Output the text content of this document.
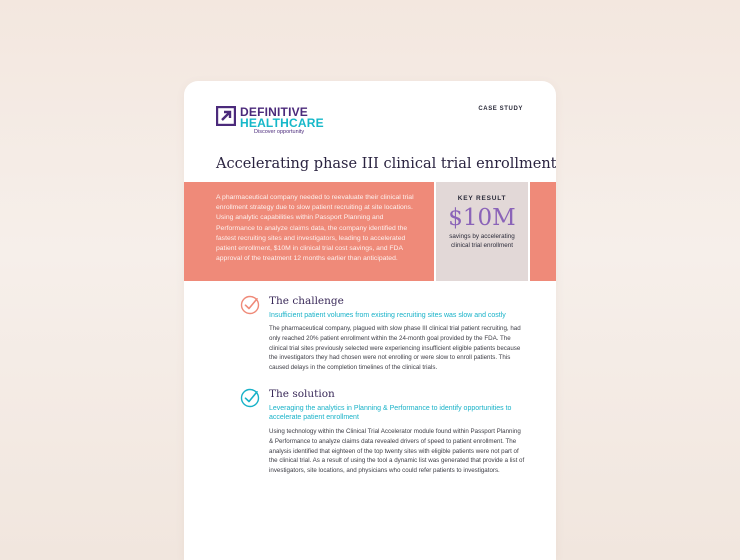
DEFINITIVE
HEALTHCARE
Discover opportunity
CASE STUDY
Accelerating phase III clinical trial enrollment
A pharmaceutical company needed to reevaluate their clinical trial enrollment strategy due to slow patient recruiting at site locations. Using analytic capabilities within Passport Planning and Performance to analyze claims data, the company identified the fastest recruiting sites and investigators, leading to accelerated patient enrollment, $10M in clinical trial cost savings, and FDA approval of the treatment 12 months earlier than anticipated.
KEY RESULT
$10M
savings by accelerating clinical trial enrollment
The challenge
Insufficient patient volumes from existing recruiting sites was slow and costly
The pharmaceutical company, plagued with slow phase III clinical trial patient recruiting, had only reached 20% patient enrollment within the 24-month goal provided by the FDA. The clinical trial sites previously selected were experiencing insufficient eligible patients because the investigators they had chosen were not enrolling or were slow to enroll patients. This caused delays in the completion timelines of the clinical trials.
The solution
Leveraging the analytics in Planning & Performance to identify opportunities to accelerate patient enrollment
Using technology within the Clinical Trial Accelerator module found within Passport Planning & Performance to analyze claims data revealed drivers of speed to patient enrollment. The analysis identified that eighteen of the top twenty sites with eligible patients were not part of the clinical trial. As a result of using the tool a dynamic list was generated that provide a list of investigators, site locations, and physicians who could refer patients to investigators.
